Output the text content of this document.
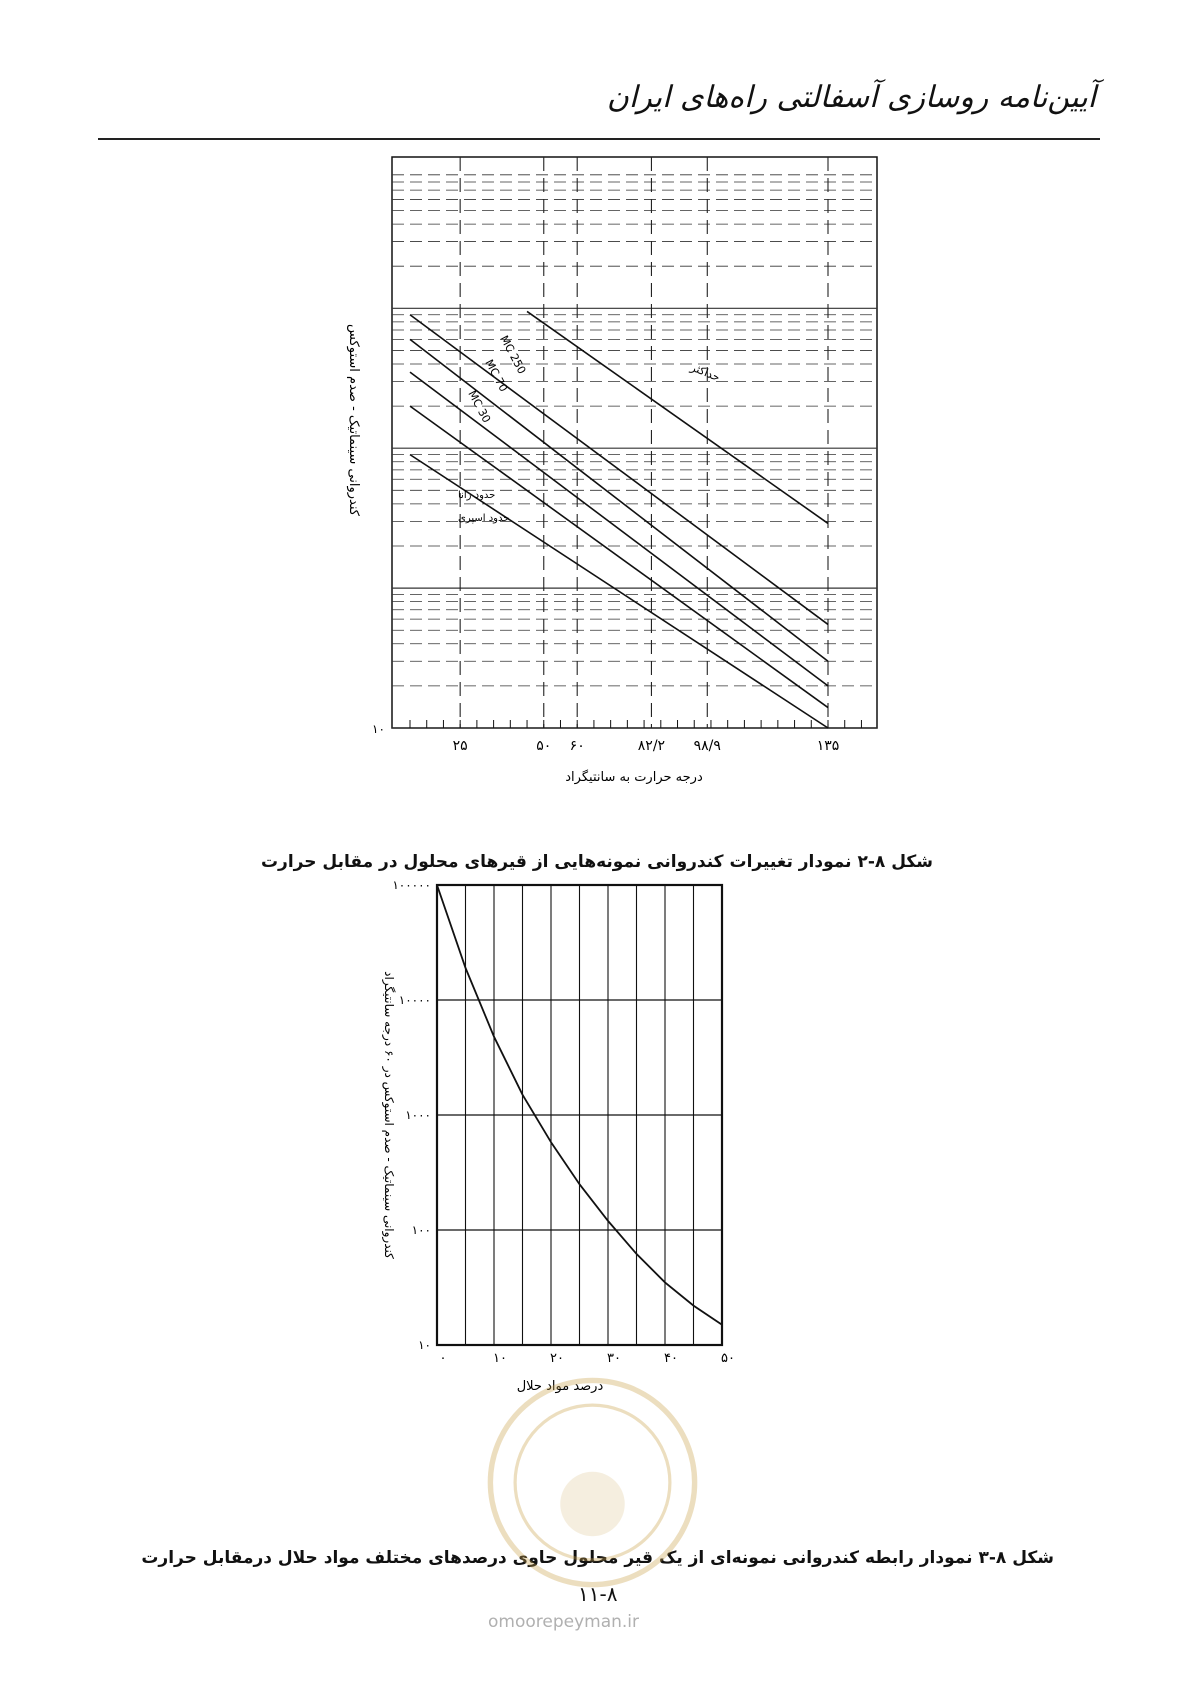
آیین‌نامه روسازی آسفالتی راه‌های ایران
۲۵	۵۰ ۶۰	۸۲/۲ ۹۸/۹	۱۳۵
۱۰
MC 30
MC 70
MC 250	حداکثر
حدود رانا
حدود اسپری
درجه حرارت به سانتیگراد
کندروانی سینماتیک - صدم استوکس
شکل ۸-۲ نمودار تغییرات کندروانی نمونه‌هایی از قیرهای محلول در مقابل حرارت
۱۰
۱۰۰
۱۰۰۰
۱۰۰۰۰
۱۰۰۰۰۰
۰	۱۰	۲۰	۳۰	۴۰	۵۰
درصد مواد حلال
کندروانی سینماتیک - صدم استوکس در ۶۰ درجه سانتیگراد
شکل ۸-۳ نمودار رابطه کندروانی نمونه‌ای از یک قیر محلول حاوی درصدهای مختلف مواد حلال درمقابل حرارت
۱۱-۸
omoorepeyman.ir
